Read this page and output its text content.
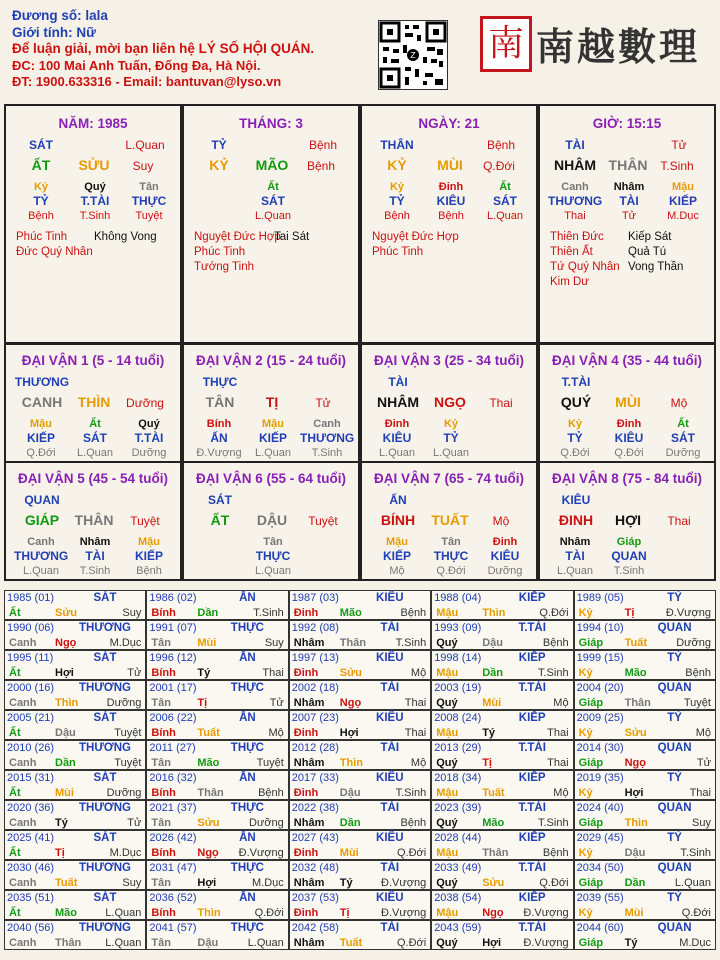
Đương số: lala
Giới tính: Nữ
Để luận giải, mời bạn liên hệ LÝ SỐ HỘI QUÁN.
ĐC: 100 Mai Anh Tuấn, Đống Đa, Hà Nội.
ĐT: 1900.633316 - Email: bantuvan@lyso.vn
Z 南 南越數理
NĂM: 1985
SÁT	L.Quan
ẤT	SỬU	Suy
Kỷ	Quý	Tân
TỶ	T.TÀI	THỰC
Bệnh	T.Sinh	Tuyệt
Phúc Tinh
Đức Quý Nhân
Không Vong
THÁNG: 3
TỶ	Bệnh
KỶ	MÃO	Bệnh
Ất
SÁT
L.Quan
Nguyệt Đức Hợp
Phúc Tinh
Tướng Tinh
Tai Sát
NGÀY: 21
THÂN	Bệnh
KỶ	MÙI	Q.Đới
Kỷ	Đinh	Ất
TỶ	KIÊU	SÁT
Bệnh	Bệnh	L.Quan
Nguyệt Đức Hợp
Phúc Tinh
GIỜ: 15:15
TÀI	Tử
NHÂM THÂN	T.Sinh
Canh	Nhâm	Mậu
THƯƠNG	TÀI	KIẾP
Thai	Tử	M.Dục
Thiên Đức
Thiên Ất
Tứ Quý Nhân
Kim Dư
Kiếp Sát
Quả Tú
Vong Thần
ĐẠI VẬN 1 (5 - 14 tuổi)
THƯƠNG
CANH	THÌN	Dưỡng
Mậu	Ất	Quý
KIẾP	SÁT	T.TÀI
Q.Đới	L.Quan	Dưỡng
ĐẠI VẬN 2 (15 - 24 tuổi)
THỰC
TÂN	TỊ	Tử
Bính	Mậu	Canh
ẤN	KIẾP	THƯƠNG
Đ.Vượng	L.Quan	T.Sinh
ĐẠI VẬN 3 (25 - 34 tuổi)
TÀI
NHÂM	NGỌ	Thai
Đinh	Kỷ
KIÊU	TỶ
L.Quan	L.Quan
ĐẠI VẬN 4 (35 - 44 tuổi)
T.TÀI
QUÝ	MÙI	Mộ
Kỷ	Đinh	Ất
TỶ	KIÊU	SÁT
Q.Đới	Q.Đới	Dưỡng
ĐẠI VẬN 5 (45 - 54 tuổi)
QUAN
GIÁP	THÂN	Tuyệt
Canh	Nhâm	Mậu
THƯƠNG	TÀI	KIẾP
L.Quan	T.Sinh	Bệnh
ĐẠI VẬN 6 (55 - 64 tuổi)
SÁT
ẤT	DẬU	Tuyệt
Tân
THỰC
L.Quan
ĐẠI VẬN 7 (65 - 74 tuổi)
ẤN
BÍNH	TUẤT	Mộ
Mậu	Tân	Đinh
KIẾP	THỰC	KIÊU
Mộ	Q.Đới	Dưỡng
ĐẠI VẬN 8 (75 - 84 tuổi)
KIÊU
ĐINH	HỢI	Thai
Nhâm	Giáp
TÀI	QUAN
L.Quan	T.Sinh
1985 (01)	SÁT
Ất	Sửu	Suy
1986 (02)	ẤN
Bính Dần	T.Sinh
1987 (03)	KIÊU
Đinh Mão	Bệnh
1988 (04)	KIẾP
Mậu Thìn	Q.Đới
1989 (05)	TỶ
Kỷ	Tị	Đ.Vượng
1990 (06)	THƯƠNG
Canh Ngọ	M.Dục
1991 (07)	THỰC
Tân Mùi	Suy
1992 (08)	TÀI
Nhâm Thân	T.Sinh
1993 (09)	T.TÀI
Quý Dậu	Bệnh
1994 (10)	QUAN
Giáp Tuất	Dưỡng
1995 (11)	SÁT
Ất	Hợi	Tử
1996 (12)	ẤN
Bính Tý	Thai
1997 (13)	KIÊU
Đinh Sửu	Mộ
1998 (14)	KIẾP
Mậu Dần	T.Sinh
1999 (15)	TỶ
Kỷ	Mão	Bệnh
2000 (16)	THƯƠNG
Canh Thìn	Dưỡng
2001 (17)	THỰC
Tân Tị	Tử
2002 (18)	TÀI
Nhâm Ngọ	Thai
2003 (19)	T.TÀI
Quý Mùi	Mộ
2004 (20)	QUAN
Giáp Thân	Tuyệt
2005 (21)	SÁT
Ất	Dậu	Tuyệt
2006 (22)	ẤN
Bính Tuất	Mộ
2007 (23)	KIÊU
Đinh Hợi	Thai
2008 (24)	KIẾP
Mậu Tý	Thai
2009 (25)	TỶ
Kỷ	Sửu	Mộ
2010 (26)	THƯƠNG
Canh Dần	Tuyệt
2011 (27)	THỰC
Tân Mão	Tuyệt
2012 (28)	TÀI
Nhâm Thìn	Mộ
2013 (29)	T.TÀI
Quý Tị	Thai
2014 (30)	QUAN
Giáp Ngọ	Tử
2015 (31)	SÁT
Ất	Mùi	Dưỡng
2016 (32)	ẤN
Bính Thân	Bệnh
2017 (33)	KIÊU
Đinh Dậu	T.Sinh
2018 (34)	KIẾP
Mậu Tuất	Mộ
2019 (35)	TỶ
Kỷ	Hợi	Thai
2020 (36)	THƯƠNG
Canh Tý	Tử
2021 (37)	THỰC
Tân Sửu	Dưỡng
2022 (38)	TÀI
Nhâm Dần	Bệnh
2023 (39)	T.TÀI
Quý Mão	T.Sinh
2024 (40)	QUAN
Giáp Thìn	Suy
2025 (41)	SÁT
Ất	Tị	M.Dục
2026 (42)	ẤN
Bính Ngọ Đ.Vượng
2027 (43)	KIÊU
Đinh Mùi	Q.Đới
2028 (44)	KIẾP
Mậu Thân	Bệnh
2029 (45)	TỶ
Kỷ	Dậu	T.Sinh
2030 (46)	THƯƠNG
Canh Tuất	Suy
2031 (47)	THỰC
Tân Hợi	M.Dục
2032 (48)	TÀI
Nhâm Tý	Đ.Vượng
2033 (49)	T.TÀI
Quý Sửu	Q.Đới
2034 (50)	QUAN
Giáp Dần	L.Quan
2035 (51)	SÁT
Ất	Mão	L.Quan
2036 (52)	ẤN
Bính Thìn	Q.Đới
2037 (53)	KIÊU
Đinh Tị	Đ.Vượng
2038 (54)	KIẾP
Mậu Ngọ Đ.Vượng
2039 (55)	TỶ
Kỷ	Mùi	Q.Đới
2040 (56)	THƯƠNG
Canh Thân L.Quan
2041 (57)	THỰC
Tân Dậu	L.Quan
2042 (58)	TÀI
Nhâm Tuất	Q.Đới
2043 (59)	T.TÀI
Quý Hợi Đ.Vượng
2044 (60)	QUAN
Giáp Tý	M.Dục
